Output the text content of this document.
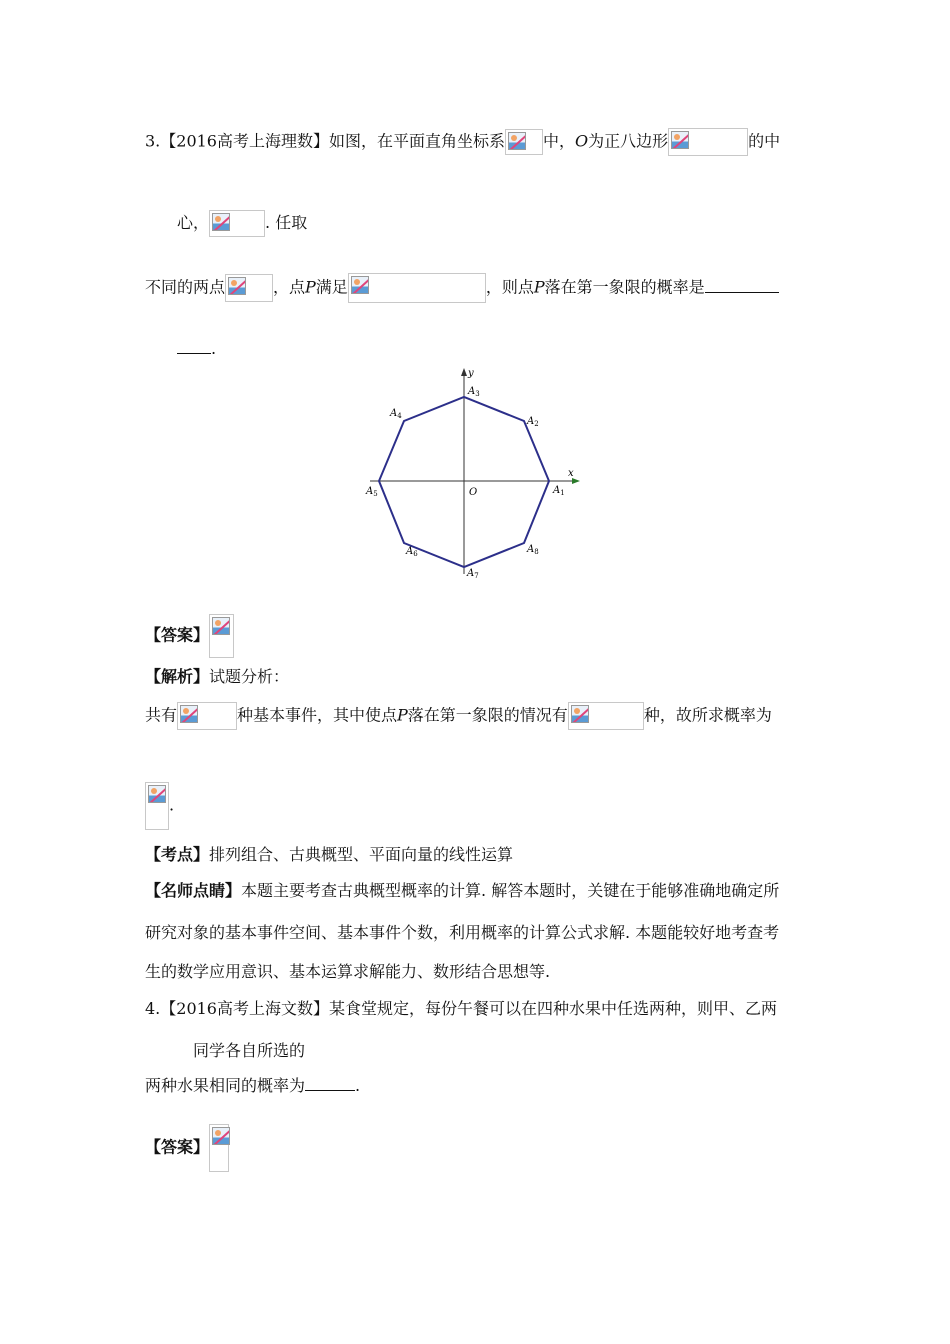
3.【2016高考上海理数】如图，在平面直角坐标系 中，O为正八边形	的中
心，	. 任取
不同的两点	，点P满足	，则点P落在第一象限的概率是
.
x
y
O	$A_1$
$A_2$
$A_3$
$A_4$
$A_5$
$A_6$
$A_7$
$A_8$
【答案】
【解析】试题分析：
共有	种基本事件，其中使点P落在第一象限的情况有	种，故所求概率为
.
【考点】排列组合、古典概型、平面向量的线性运算
【名师点睛】本题主要考查古典概型概率的计算. 解答本题时，关键在于能够准确地确定所
研究对象的基本事件空间、基本事件个数，利用概率的计算公式求解. 本题能较好地考查考
生的数学应用意识、基本运算求解能力、数形结合思想等.
4.【2016高考上海文数】某食堂规定，每份午餐可以在四种水果中任选两种，则甲、乙两
同学各自所选的
两种水果相同的概率为	.
【答案】
